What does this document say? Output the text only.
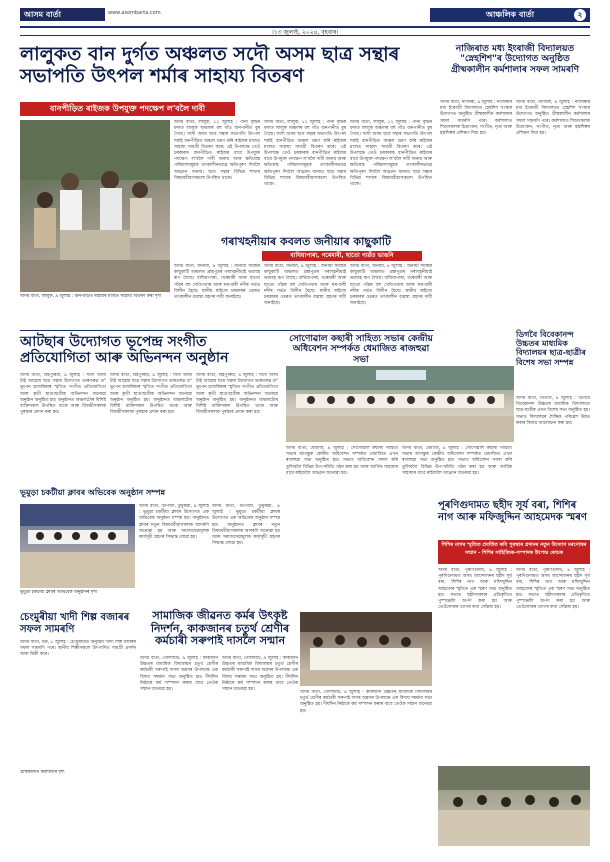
আসম বার্তা	www.asombarta.com	আঞ্চলিক বাৰ্তা	২
।১৩ জুলাই, ২০২৪, বৃহবাৰ।
লালুকত বান দুৰ্গত অঞ্চলত সদৌ অসম ছাত্ৰ সন্থাৰ সভাপতি উৎপল শৰ্মাৰ সাহায্য বিতৰণ
বানপীড়িত ৰাইজক উপযুক্ত পদক্ষেপ ল'বলৈ দাবী
অসম বাৰ্তা, লালুক, ৯ জুলাই : বানপীড়িত ৰাইজৰ মাজত সাহায্য বিতৰণ কৰা দৃশ্য
অসম বাৰ্তা, লালুক, ১২ জুলাই : পানী বৃদ্ধিৰ ফলত লালুক অঞ্চলৰ বহু গাঁও বানপানীত বুৰ গৈছে। সদৌ অসম ছাত্ৰ সন্থাৰ সভাপতি উৎপল শৰ্মাই বানপীড়িত অঞ্চল ভ্ৰমণ কৰি ৰাইজৰ মাজত সাহায্য সামগ্ৰী বিতৰণ কৰে। এই উপলক্ষে তেওঁ চৰকাৰক বানপীড়িত ৰাইজৰ বাবে উপযুক্ত পদক্ষেপ ল'বলৈ দাবী জনায় আৰু ক্ষতিগ্ৰস্ত পৰিয়ালসমূহক তৎকালীনভাৱে ক্ষতিপূৰণ দিবলৈ আহ্বান জনায়। ছাত্ৰ সন্থাৰ বিভিন্ন শাখাৰ বিষয়ববীয়াসকলো উপস্থিত থাকে।
অসম বাৰ্তা, লালুক, ১২ জুলাই : পানী বৃদ্ধিৰ ফলত লালুক অঞ্চলৰ বহু গাঁও বানপানীত বুৰ গৈছে। সদৌ অসম ছাত্ৰ সন্থাৰ সভাপতি উৎপল শৰ্মাই বানপীড়িত অঞ্চল ভ্ৰমণ কৰি ৰাইজৰ মাজত সাহায্য সামগ্ৰী বিতৰণ কৰে। এই উপলক্ষে তেওঁ চৰকাৰক বানপীড়িত ৰাইজৰ বাবে উপযুক্ত পদক্ষেপ ল'বলৈ দাবী জনায় আৰু ক্ষতিগ্ৰস্ত পৰিয়ালসমূহক তৎকালীনভাৱে ক্ষতিপূৰণ দিবলৈ আহ্বান জনায়। ছাত্ৰ সন্থাৰ বিভিন্ন শাখাৰ বিষয়ববীয়াসকলো উপস্থিত থাকে।
অসম বাৰ্তা, লালুক, ১২ জুলাই : পানী বৃদ্ধিৰ ফলত লালুক অঞ্চলৰ বহু গাঁও বানপানীত বুৰ গৈছে। সদৌ অসম ছাত্ৰ সন্থাৰ সভাপতি উৎপল শৰ্মাই বানপীড়িত অঞ্চল ভ্ৰমণ কৰি ৰাইজৰ মাজত সাহায্য সামগ্ৰী বিতৰণ কৰে। এই উপলক্ষে তেওঁ চৰকাৰক বানপীড়িত ৰাইজৰ বাবে উপযুক্ত পদক্ষেপ ল'বলৈ দাবী জনায় আৰু ক্ষতিগ্ৰস্ত পৰিয়ালসমূহক তৎকালীনভাৱে ক্ষতিপূৰণ দিবলৈ আহ্বান জনায়। ছাত্ৰ সন্থাৰ বিভিন্ন শাখাৰ বিষয়ববীয়াসকলো উপস্থিত থাকে।
গৰাখহনীয়াৰ কবলত জনীয়াৰ কাছুকাটি
বাঘিয়াপাৰা, গৰেমাৰী, ছাতো গাৱঁত ভাঙনি
অসম বাৰ্তা, জনীয়া, ৯ জুলাই : জনীয়া সমষ্টিৰ কাছুকাটি অঞ্চলত ব্ৰহ্মপুত্ৰৰ গৰাখহনীয়াই ভয়াবহ ৰূপ লৈছে। বাঘিয়াপাৰা, গৰেমাৰী আৰু ছাতো গাঁৱৰ বহু খেতিপথাৰ আৰু ঘৰ-বাৰী নদীৰ গৰ্ভত বিলীন হৈছে। স্থানীয় ৰাইজে চৰকাৰৰ ওচৰত তৎকালীন ব্যৱস্থা গ্ৰহণৰ দাবী জনাইছে।
অসম বাৰ্তা, জনীয়া, ৯ জুলাই : জনীয়া সমষ্টিৰ কাছুকাটি অঞ্চলত ব্ৰহ্মপুত্ৰৰ গৰাখহনীয়াই ভয়াবহ ৰূপ লৈছে। বাঘিয়াপাৰা, গৰেমাৰী আৰু ছাতো গাঁৱৰ বহু খেতিপথাৰ আৰু ঘৰ-বাৰী নদীৰ গৰ্ভত বিলীন হৈছে। স্থানীয় ৰাইজে চৰকাৰৰ ওচৰত তৎকালীন ব্যৱস্থা গ্ৰহণৰ দাবী জনাইছে।
অসম বাৰ্তা, জনীয়া, ৯ জুলাই : জনীয়া সমষ্টিৰ কাছুকাটি অঞ্চলত ব্ৰহ্মপুত্ৰৰ গৰাখহনীয়াই ভয়াবহ ৰূপ লৈছে। বাঘিয়াপাৰা, গৰেমাৰী আৰু ছাতো গাঁৱৰ বহু খেতিপথাৰ আৰু ঘৰ-বাৰী নদীৰ গৰ্ভত বিলীন হৈছে। স্থানীয় ৰাইজে চৰকাৰৰ ওচৰত তৎকালীন ব্যৱস্থা গ্ৰহণৰ দাবী জনাইছে।
নাজিৰাত মধ্য ইংৰাজী বিদ্যালয়ত "স্নেহশিশ"ৰ উদ্যোগত অনুষ্ঠিত গ্ৰীষ্মকালীন কৰ্মশালাৰ সফল সামৰণি
অসম বাৰ্তা, নাজিৰা, ৯ জুলাই : নাজিৰাৰ মধ্য ইংৰাজী বিদ্যালয়ত স্নেহশিশ সংস্থাৰ উদ্যোগত অনুষ্ঠিত গ্ৰীষ্মকালীন কৰ্মশালাৰ সফল সামৰণি পৰে। কৰ্মশালাত শিশুসকলক চিত্ৰাংকন, সংগীত, নৃত্য আৰু হস্তশিল্পৰ প্ৰশিক্ষণ দিয়া হয়।
অসম বাৰ্তা, নাজিৰা, ৯ জুলাই : নাজিৰাৰ মধ্য ইংৰাজী বিদ্যালয়ত স্নেহশিশ সংস্থাৰ উদ্যোগত অনুষ্ঠিত গ্ৰীষ্মকালীন কৰ্মশালাৰ সফল সামৰণি পৰে। কৰ্মশালাত শিশুসকলক চিত্ৰাংকন, সংগীত, নৃত্য আৰু হস্তশিল্পৰ প্ৰশিক্ষণ দিয়া হয়।
ডিগবৈ বিবেকানন্দ উচ্চতৰ মাধ্যমিক বিদ্যালয়ৰ ছাত্ৰ-ছাত্ৰীৰ বিশেষ সভা সম্পন্ন
অসম বাৰ্তা, ডিগবৈ, ৯ জুলাই : ডিগবৈ বিবেকানন্দ উচ্চতৰ মাধ্যমিক বিদ্যালয়ত ছাত্ৰ-ছাত্ৰীৰ এখন বিশেষ সভা অনুষ্ঠিত হয়। সভাত বিদ্যালয়ৰ শৈক্ষিক পৰিৱেশ উন্নত কৰাৰ বিষয়ে আলোচনা কৰা হয়।
আটছাৰ উদ্যোগত ভূপেন্দ্ৰ সংগীত প্ৰতিযোগিতা আৰু অভিনন্দন অনুষ্ঠান
অসম বাৰ্তা, বিহপুৰিয়া, ৯ জুলাই : সদৌ অসম টাই আহোম ছাত্ৰ সন্থাৰ উদ্যোগত ভাৰতৰত্ন ড° ভূপেন হাজৰিকাৰ স্মৃতিত সংগীত প্ৰতিযোগিতা আৰু কৃতী ছাত্ৰ-ছাত্ৰীক অভিনন্দন জনোৱা অনুষ্ঠান অনুষ্ঠিত হয়। অনুষ্ঠানত অঞ্চলটোৰ বিশিষ্ট ব্যক্তিসকল উপস্থিত থাকে আৰু বিজয়ীসকলক পুৰস্কাৰ প্ৰদান কৰা হয়।
অসম বাৰ্তা, বিহপুৰিয়া, ৯ জুলাই : সদৌ অসম টাই আহোম ছাত্ৰ সন্থাৰ উদ্যোগত ভাৰতৰত্ন ড° ভূপেন হাজৰিকাৰ স্মৃতিত সংগীত প্ৰতিযোগিতা আৰু কৃতী ছাত্ৰ-ছাত্ৰীক অভিনন্দন জনোৱা অনুষ্ঠান অনুষ্ঠিত হয়। অনুষ্ঠানত অঞ্চলটোৰ বিশিষ্ট ব্যক্তিসকল উপস্থিত থাকে আৰু বিজয়ীসকলক পুৰস্কাৰ প্ৰদান কৰা হয়।
অসম বাৰ্তা, বিহপুৰিয়া, ৯ জুলাই : সদৌ অসম টাই আহোম ছাত্ৰ সন্থাৰ উদ্যোগত ভাৰতৰত্ন ড° ভূপেন হাজৰিকাৰ স্মৃতিত সংগীত প্ৰতিযোগিতা আৰু কৃতী ছাত্ৰ-ছাত্ৰীক অভিনন্দন জনোৱা অনুষ্ঠান অনুষ্ঠিত হয়। অনুষ্ঠানত অঞ্চলটোৰ বিশিষ্ট ব্যক্তিসকল উপস্থিত থাকে আৰু বিজয়ীসকলক পুৰস্কাৰ প্ৰদান কৰা হয়।
সোণোৱাল কছাৰী সাহিত্য সভাৰ কেন্দ্ৰীয় অধিবেশন সম্পৰ্কত ধেমাজিত ৰাজহুৱা সভা
অসম বাৰ্তা, ধেমাজি, ৯ জুলাই : সোণোৱাল কছাৰী সাহিত্য সভাৰ আগন্তুক কেন্দ্ৰীয় অধিবেশন সম্পৰ্কত ধেমাজিত এখন ৰাজহুৱা সভা অনুষ্ঠিত হয়। সভাত অধিবেশন সফল কৰি তুলিবলৈ বিভিন্ন উপ-সমিতি গঠন কৰা হয় আৰু আৰ্থিক সাহায্যৰ বাবে ৰাইজলৈ আহ্বান জনোৱা হয়।
অসম বাৰ্তা, ধেমাজি, ৯ জুলাই : সোণোৱাল কছাৰী সাহিত্য সভাৰ আগন্তুক কেন্দ্ৰীয় অধিবেশন সম্পৰ্কত ধেমাজিত এখন ৰাজহুৱা সভা অনুষ্ঠিত হয়। সভাত অধিবেশন সফল কৰি তুলিবলৈ বিভিন্ন উপ-সমিতি গঠন কৰা হয় আৰু আৰ্থিক সাহায্যৰ বাবে ৰাইজলৈ আহ্বান জনোৱা হয়।
ভূমুড়া চকটীয়া ক্লাবৰ অভিবেক অনুষ্ঠান সম্পন্ন
অসম বাৰ্তা, ঢিপিজা, ডুমুৰুৱা, ৯ জুলাই : ভূমুড়া চকটীয়া ক্লাবৰ উদ্যোগত এক অভিবেক অনুষ্ঠান সম্পন্ন হয়। অনুষ্ঠানত ক্লাবৰ নতুন বিষয়ববীয়াসকলক আদৰণি জনোৱা হয় আৰু সমাজসেৱামূলক কাৰ্যসূচী গ্ৰহণৰ সিদ্ধান্ত লোৱা হয়।
অসম বাৰ্তা, ঢিপিজা, ডুমুৰুৱা, ৯ জুলাই : ভূমুড়া চকটীয়া ক্লাবৰ উদ্যোগত এক অভিবেক অনুষ্ঠান সম্পন্ন হয়। অনুষ্ঠানত ক্লাবৰ নতুন বিষয়ববীয়াসকলক আদৰণি জনোৱা হয় আৰু সমাজসেৱামূলক কাৰ্যসূচী গ্ৰহণৰ সিদ্ধান্ত লোৱা হয়।
ভূমুড়া চকটীয়া ক্লাবৰ অভিবেক অনুষ্ঠানৰ দৃশ্য
সামাজিক জীৱনত কৰ্মৰ উৎকৃষ্ট নিদৰ্শন, কাকজানৰ চতুৰ্থ শ্ৰেণীৰ কৰ্মচাৰী সৰুপাই দাসলৈ সন্মান
অসম বাৰ্তা, গোলাঘাট, ৯ জুলাই : কাকজান উচ্চতৰ মাধ্যমিক বিদ্যালয়ৰ চতুৰ্থ শ্ৰেণীৰ কৰ্মচাৰী সৰুপাই দাসৰ অৱসৰ উপলক্ষে এক বিদায় সম্বৰ্ধনা সভা অনুষ্ঠিত হয়। দীৰ্ঘদিন নিষ্ঠাৰে কৰ্ম সম্পাদন কৰাৰ বাবে তেওঁক সন্মান জনোৱা হয়।
অসম বাৰ্তা, গোলাঘাট, ৯ জুলাই : কাকজান উচ্চতৰ মাধ্যমিক বিদ্যালয়ৰ চতুৰ্থ শ্ৰেণীৰ কৰ্মচাৰী সৰুপাই দাসৰ অৱসৰ উপলক্ষে এক বিদায় সম্বৰ্ধনা সভা অনুষ্ঠিত হয়। দীৰ্ঘদিন নিষ্ঠাৰে কৰ্ম সম্পাদন কৰাৰ বাবে তেওঁক সন্মান জনোৱা হয়।
অসম বাৰ্তা, গোলাঘাট, ৯ জুলাই : কাকজান উচ্চতৰ মাধ্যমিক বিদ্যালয়ৰ চতুৰ্থ শ্ৰেণীৰ কৰ্মচাৰী সৰুপাই দাসৰ অৱসৰ উপলক্ষে এক বিদায় সম্বৰ্ধনা সভা অনুষ্ঠিত হয়। দীৰ্ঘদিন নিষ্ঠাৰে কৰ্ম সম্পাদন কৰাৰ বাবে তেওঁক সন্মান জনোৱা হয়।
চেংমুৰীয়া খাদী শিল্প বজাৰৰ সফল সামৰণি
অসম বাৰ্তা, বক্ৰ, ৮ জুলাই : চেংমুৰীয়াত অনুষ্ঠিত খাদী শিল্প বজাৰৰ সফল সামৰণি পৰে। স্থানীয় শিল্পীসকলে উৎপাদিত সামগ্ৰী প্ৰদৰ্শন আৰু বিক্ৰী কৰে।
পূৰণিগুদামত ছহীদ সূৰ্য বৰা, শিশিৰ নাগ আৰু মফিজুদ্দিন আহমেদক স্মৰণ
শিশিৰ নাগৰ স্মৃতিত প্ৰবৰ্তিত কবি পুৰস্কাৰ প্ৰদানৰ নতুন উদ্যোগ মৰণোত্তৰ সন্মান - শিশিৰ সাহিত্যিক-সম্পাদক উপেন্দ্ৰ কোচক
অসম বাৰ্তা, পূৰণিগুদাম, ৯ জুলাই : পূৰণিগুদামত অসম আন্দোলনৰ ছহীদ সূৰ্য বৰা, শিশিৰ নাগ আৰু মফিজুদ্দিন আহমেদৰ স্মৃতিত এক স্মৰণ সভা অনুষ্ঠিত হয়। সভাত ছহীদসকলৰ প্ৰতিকৃতিত পুষ্পাঞ্জলি অৰ্পণ কৰা হয় আৰু তেওঁলোকৰ ত্যাগৰ কথা সোঁৱৰা হয়।
অসম বাৰ্তা, পূৰণিগুদাম, ৯ জুলাই : পূৰণিগুদামত অসম আন্দোলনৰ ছহীদ সূৰ্য বৰা, শিশিৰ নাগ আৰু মফিজুদ্দিন আহমেদৰ স্মৃতিত এক স্মৰণ সভা অনুষ্ঠিত হয়। সভাত ছহীদসকলৰ প্ৰতিকৃতিত পুষ্পাঞ্জলি অৰ্পণ কৰা হয় আৰু তেওঁলোকৰ ত্যাগৰ কথা সোঁৱৰা হয়।
গ্ৰীষ্মকালীন কৰ্মশালাৰ দৃশ্য
